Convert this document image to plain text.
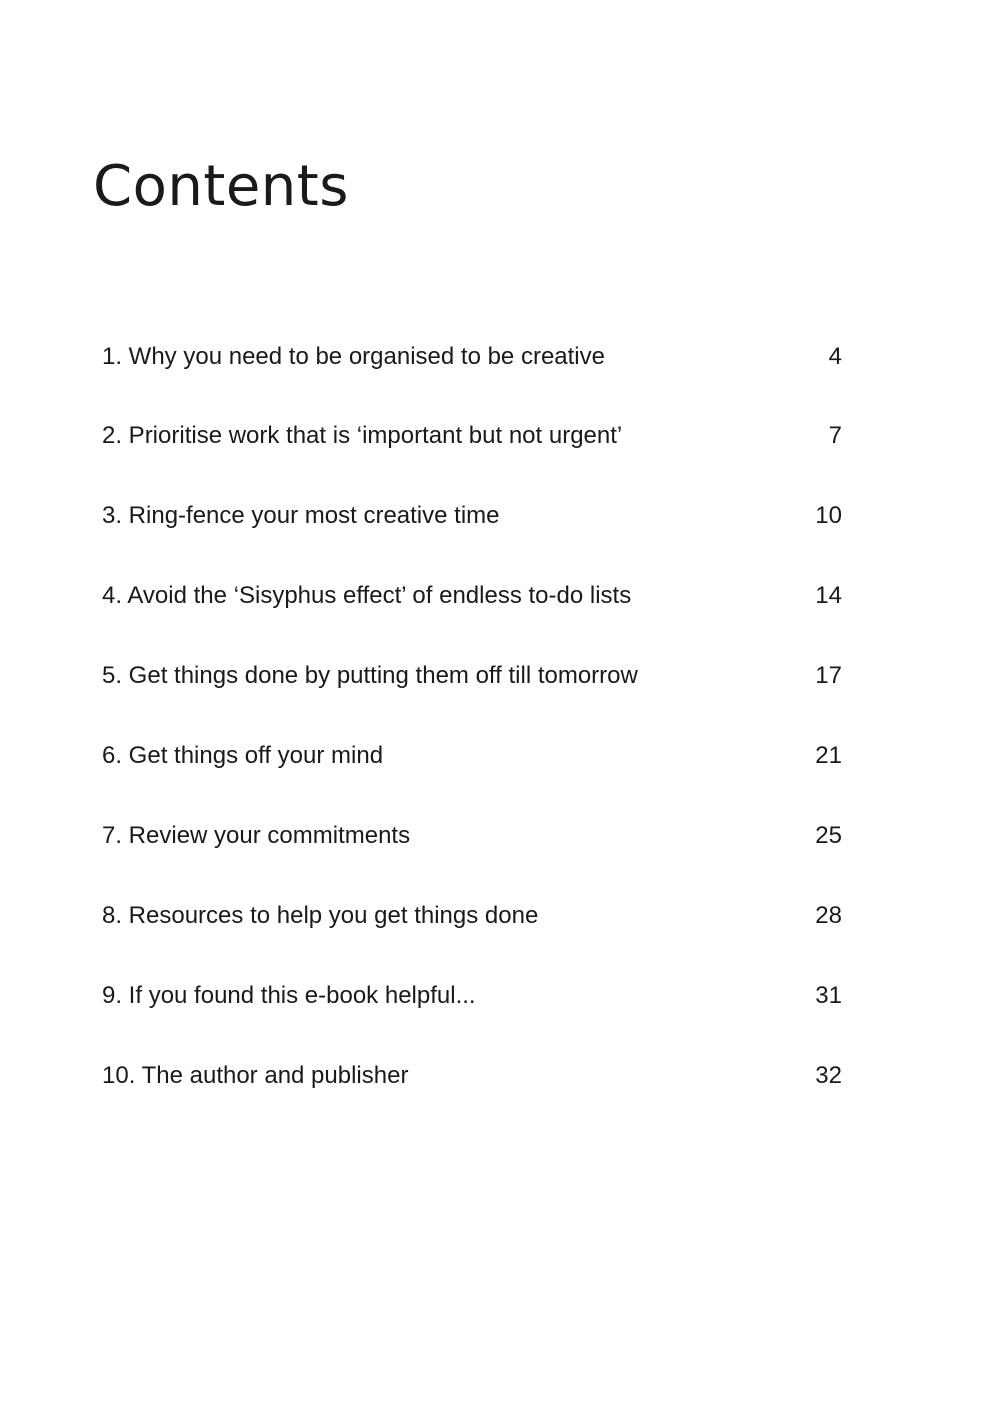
Contents
1. Why you need to be organised to be creative	4
2. Prioritise work that is ‘important but not urgent’	7
3. Ring-fence your most creative time	10
4. Avoid the ‘Sisyphus effect’ of endless to-do lists	14
5. Get things done by putting them off till tomorrow	17
6. Get things off your mind	21
7. Review your commitments	25
8. Resources to help you get things done	28
9. If you found this e-book helpful...	31
10. The author and publisher	32
